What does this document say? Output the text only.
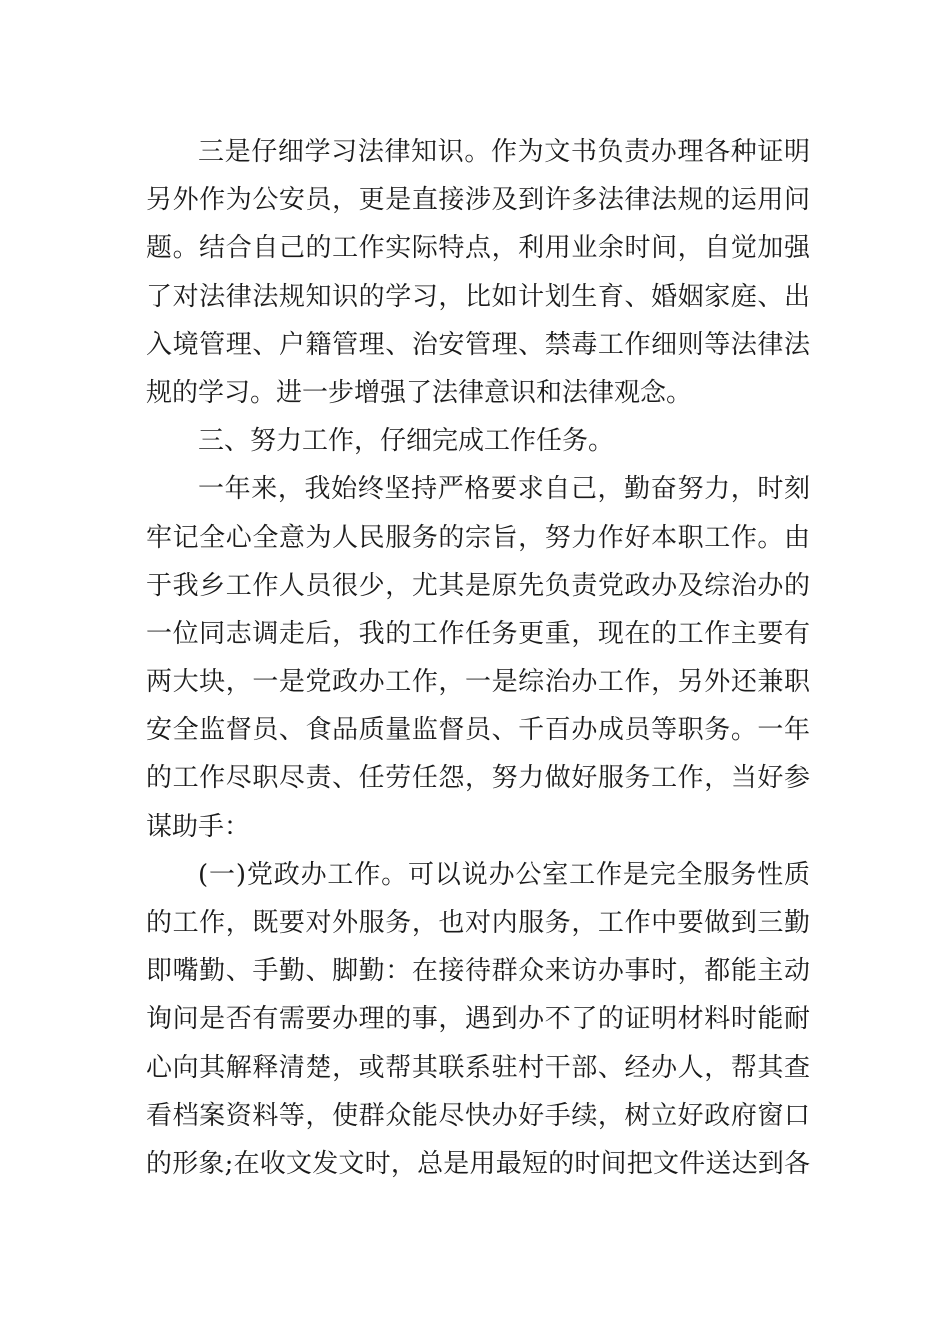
三是仔细学习法律知识。作为文书负责办理各种证明
另外作为公安员，更是直接涉及到许多法律法规的运用问
题。结合自己的工作实际特点，利用业余时间，自觉加强
了对法律法规知识的学习，比如计划生育、婚姻家庭、出
入境管理、户籍管理、治安管理、禁毒工作细则等法律法
规的学习。进一步增强了法律意识和法律观念。
三、努力工作，仔细完成工作任务。
一年来，我始终坚持严格要求自己，勤奋努力，时刻
牢记全心全意为人民服务的宗旨，努力作好本职工作。由
于我乡工作人员很少，尤其是原先负责党政办及综治办的
一位同志调走后，我的工作任务更重，现在的工作主要有
两大块，一是党政办工作，一是综治办工作，另外还兼职
安全监督员、食品质量监督员、千百办成员等职务。一年
的工作尽职尽责、任劳任怨，努力做好服务工作，当好参
谋助手：
(一)党政办工作。可以说办公室工作是完全服务性质
的工作，既要对外服务，也对内服务，工作中要做到三勤
即嘴勤、手勤、脚勤：在接待群众来访办事时，都能主动
询问是否有需要办理的事，遇到办不了的证明材料时能耐
心向其解释清楚，或帮其联系驻村干部、经办人，帮其查
看档案资料等，使群众能尽快办好手续，树立好政府窗口
的形象;在收文发文时，总是用最短的时间把文件送达到各
